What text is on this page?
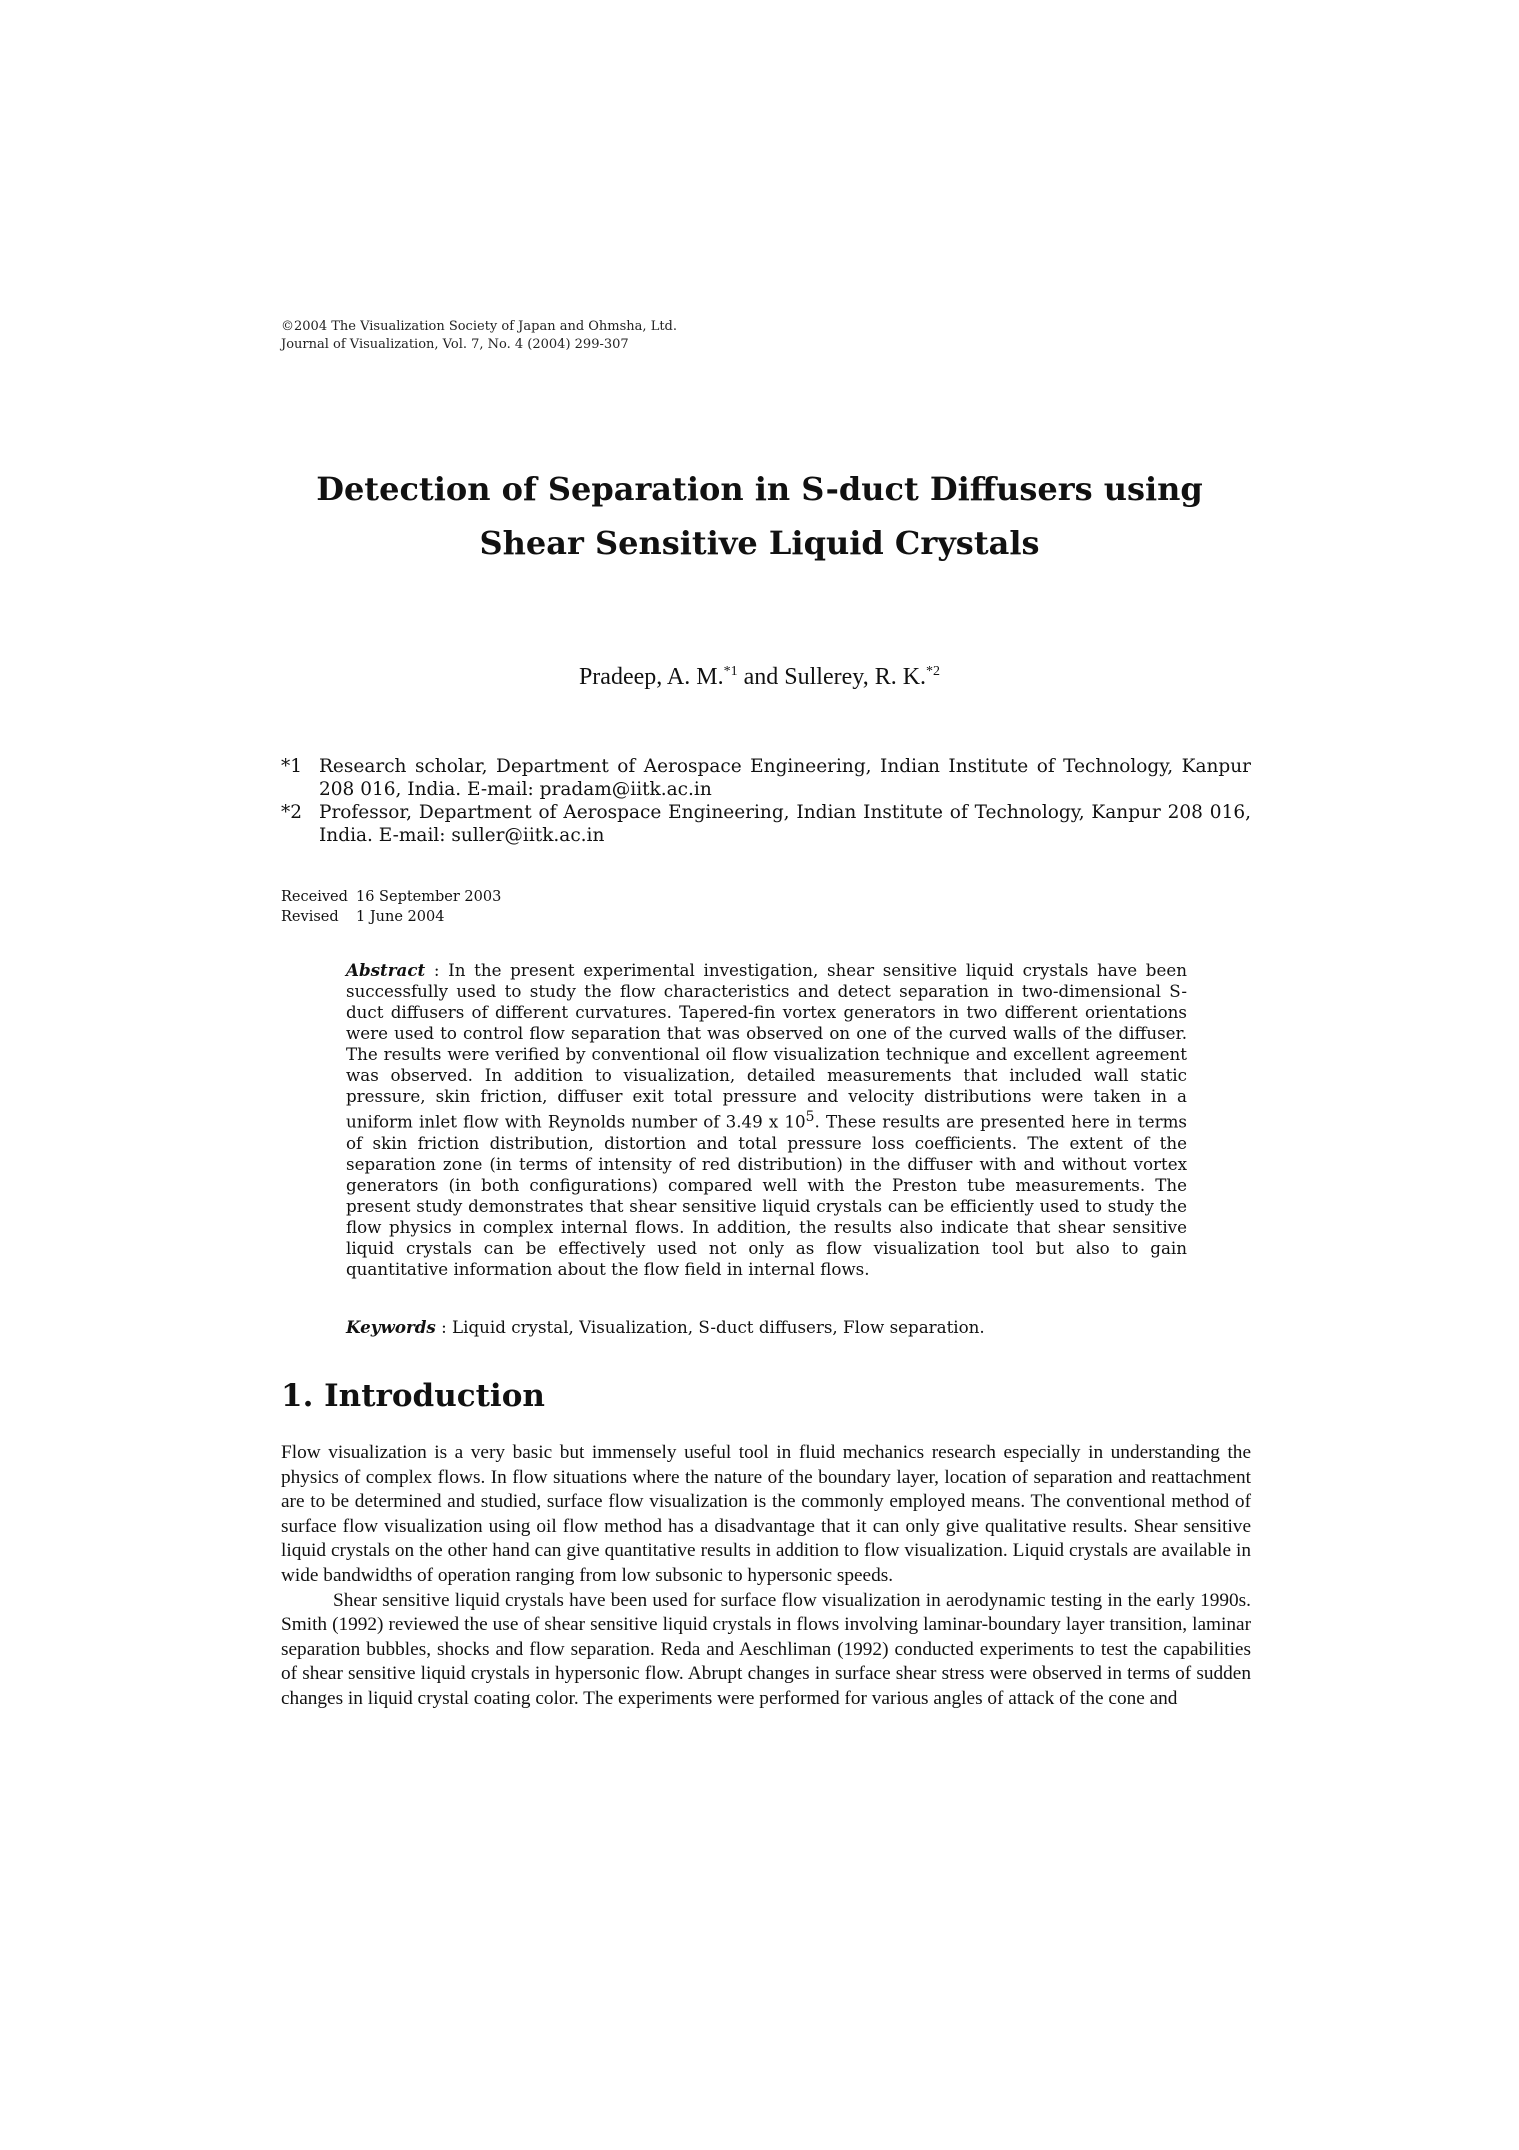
©2004 The Visualization Society of Japan and Ohmsha, Ltd.
Journal of Visualization, Vol. 7, No. 4 (2004) 299-307
Detection of Separation in S-duct Diffusers using
Shear Sensitive Liquid Crystals
Pradeep, A. M.$^{*1}$ and Sullerey, R. K.$^{*2}$
*1 Research scholar, Department of Aerospace Engineering, Indian Institute of Technology, Kanpur 208 016, India. E-mail: pradam@iitk.ac.in
*2 Professor, Department of Aerospace Engineering, Indian Institute of Technology, Kanpur 208 016, India. E-mail: suller@iitk.ac.in
Received 16 September 2003
Revised 1 June 2004
Abstract : In the present experimental investigation, shear sensitive liquid crystals have been successfully used to study the flow characteristics and detect separation in two-dimensional S-duct diffusers of different curvatures. Tapered-fin vortex generators in two different orientations were used to control flow separation that was observed on one of the curved walls of the diffuser. The results were verified by conventional oil flow visualization technique and excellent agreement was observed. In addition to visualization, detailed measurements that included wall static pressure, skin friction, diffuser exit total pressure and velocity distributions were taken in a uniform inlet flow with Reynolds number of 3.49 x $10^5$. These results are presented here in terms of skin friction distribution, distortion and total pressure loss coefficients. The extent of the separation zone (in terms of intensity of red distribution) in the diffuser with and without vortex generators (in both configurations) compared well with the Preston tube measurements. The present study demonstrates that shear sensitive liquid crystals can be efficiently used to study the flow physics in complex internal flows. In addition, the results also indicate that shear sensitive liquid crystals can be effectively used not only as flow visualization tool but also to gain quantitative information about the flow field in internal flows.
Keywords : Liquid crystal, Visualization, S-duct diffusers, Flow separation.
1. Introduction

Flow visualization is a very basic but immensely useful tool in fluid mechanics research especially in understanding the physics of complex flows. In flow situations where the nature of the boundary layer, location of separation and reattachment are to be determined and studied, surface flow visualization is the commonly employed means. The conventional method of surface flow visualization using oil flow method has a disadvantage that it can only give qualitative results. Shear sensitive liquid crystals on the other hand can give quantitative results in addition to flow visualization. Liquid crystals are available in wide bandwidths of operation ranging from low subsonic to hypersonic speeds.

Shear sensitive liquid crystals have been used for surface flow visualization in aerodynamic testing in the early 1990s. Smith (1992) reviewed the use of shear sensitive liquid crystals in flows involving laminar-boundary layer transition, laminar separation bubbles, shocks and flow separation. Reda and Aeschliman (1992) conducted experiments to test the capabilities of shear sensitive liquid crystals in hypersonic flow. Abrupt changes in surface shear stress were observed in terms of sudden changes in liquid crystal coating color. The experiments were performed for various angles of attack of the cone and
